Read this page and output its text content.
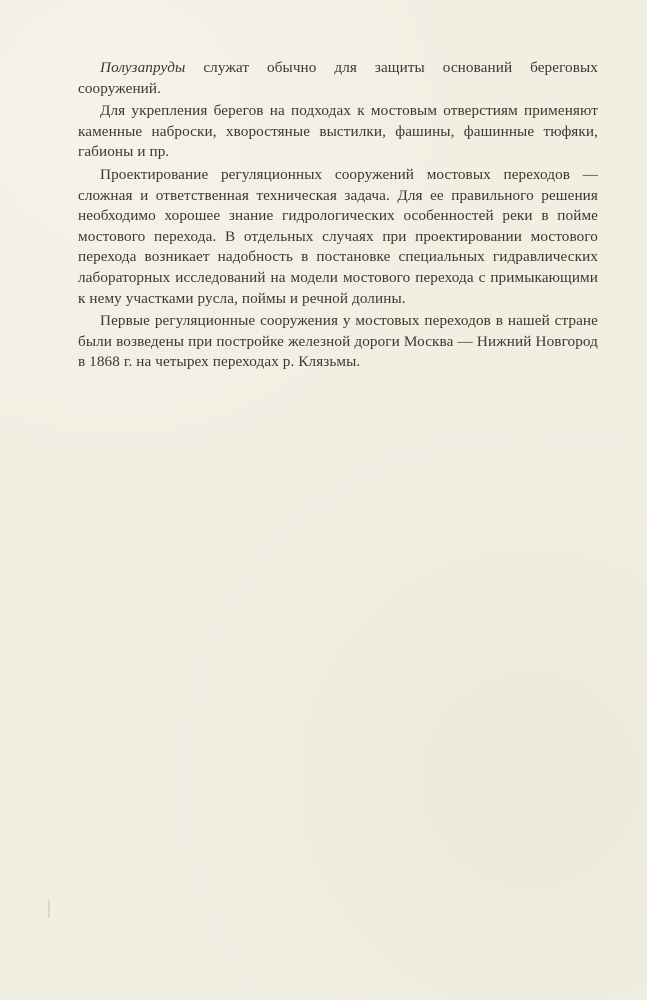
Полузапруды служат обычно для защиты оснований береговых сооружений.

Для укрепления берегов на подходах к мостовым отверстиям применяют каменные наброски, хворостяные выстилки, фашины, фашинные тюфяки, габионы и пр.

Проектирование регуляционных сооружений мостовых переходов — сложная и ответственная техническая задача. Для ее правильного решения необходимо хорошее знание гидрологических особенностей реки в пойме мостового перехода. В отдельных случаях при проектировании мостового перехода возникает надобность в постановке специальных гидравлических лабораторных исследований на модели мостового перехода с примыкающими к нему участками русла, поймы и речной долины.

Первые регуляционные сооружения у мостовых переходов в нашей стране были возведены при постройке железной дороги Москва — Нижний Новгород в 1868 г. на четырех переходах р. Клязьмы.
